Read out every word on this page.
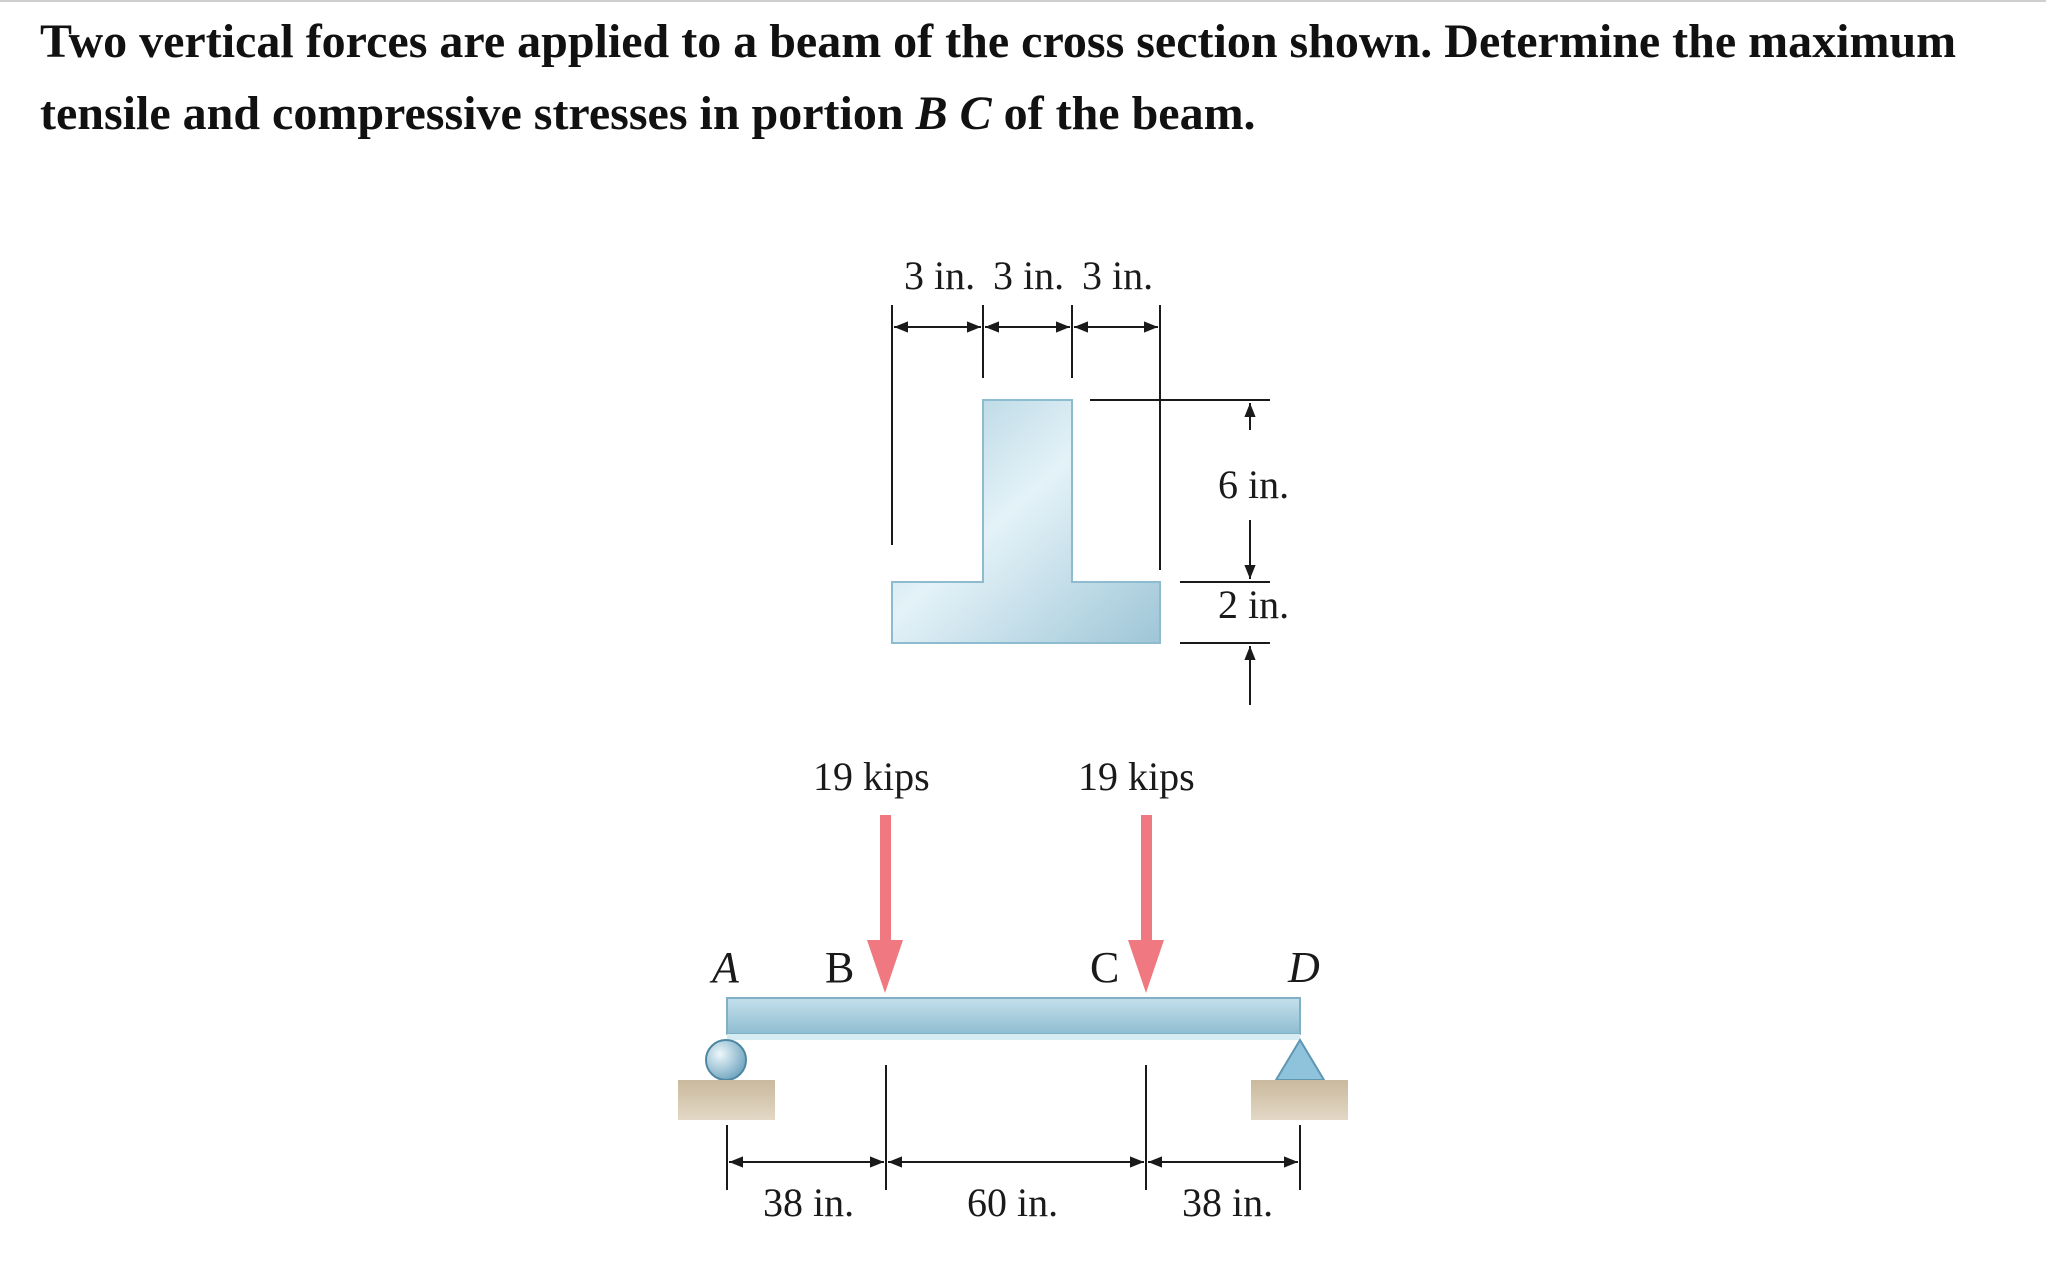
Two vertical forces are applied to a beam of the cross section shown. Determine the maximum tensile and compressive stresses in portion B C of the beam.
3 in. 3 in. 3 in.
6 in.
2 in.
19 kips	19 kips
A B	C	D
38 in.	60 in.	38 in.
